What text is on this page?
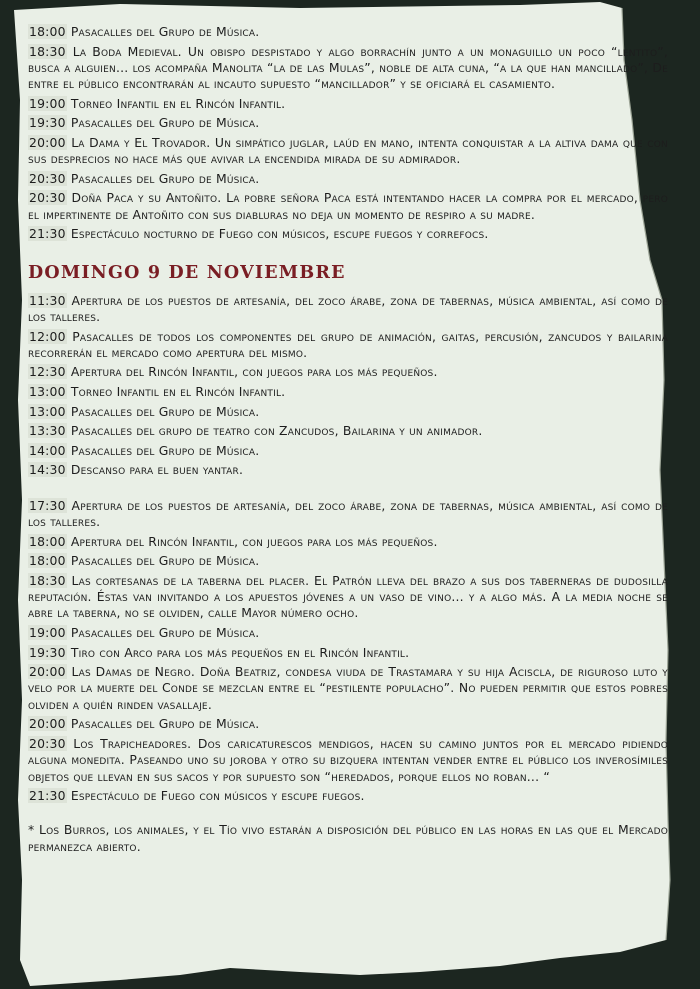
18:00 Pasacalles del Grupo de Música.
18:30 La Boda Medieval. Un obispo despistado y algo borrachín junto a un monaguillo un poco “lentito”, busca a alguien... los acompaña Manolita “la de las Mulas”, noble de alta cuna, “a la que han mancillado”, De entre el público encontrarán al incauto supuesto “mancillador” y se oficiará el casamiento.
19:00 Torneo Infantil en el Rincón Infantil.
19:30 Pasacalles del Grupo de Música.
20:00 La Dama y El Trovador. Un simpático juglar, laúd en mano, intenta conquistar a la altiva dama que con sus desprecios no hace más que avivar la encendida mirada de su admirador.
20:30 Pasacalles del Grupo de Música.
20:30 Doña Paca y su Antoñito. La pobre señora Paca está intentando hacer la compra por el mercado, pero el impertinente de Antoñito con sus diabluras no deja un momento de respiro a su madre.
21:30 Espectáculo nocturno de Fuego con músicos, escupe fuegos y correfocs.
DOMINGO 9 DE NOVIEMBRE
11:30 Apertura de los puestos de artesanía, del zoco árabe, zona de tabernas, música ambiental, así como de los talleres.
12:00 Pasacalles de todos los componentes del grupo de animación, gaitas, percusión, zancudos y bailarina recorrerán el mercado como apertura del mismo.
12:30 Apertura del Rincón Infantil, con juegos para los más pequeños.
13:00 Torneo Infantil en el Rincón Infantil.
13:00 Pasacalles del Grupo de Música.
13:30 Pasacalles del grupo de teatro con Zancudos, Bailarina y un animador.
14:00 Pasacalles del Grupo de Música.
14:30 Descanso para el buen yantar.
17:30 Apertura de los puestos de artesanía, del zoco árabe, zona de tabernas, música ambiental, así como de los talleres.
18:00 Apertura del Rincón Infantil, con juegos para los más pequeños.
18:00 Pasacalles del Grupo de Música.
18:30 Las cortesanas de la taberna del placer. El Patrón lleva del brazo a sus dos taberneras de dudosilla reputación. Éstas van invitando a los apuestos jóvenes a un vaso de vino... y a algo más. A la media noche se abre la taberna, no se olviden, calle Mayor número ocho.
19:00 Pasacalles del Grupo de Música.
19:30 Tiro con Arco para los más pequeños en el Rincón Infantil.
20:00 Las Damas de Negro. Doña Beatriz, condesa viuda de Trastamara y su hija Aciscla, de riguroso luto y velo por la muerte del Conde se mezclan entre el “pestilente populacho”. No pueden permitir que estos pobres olviden a quién rinden vasallaje.
20:00 Pasacalles del Grupo de Música.
20:30 Los Trapicheadores. Dos caricaturescos mendigos, hacen su camino juntos por el mercado pidiendo alguna monedita. Paseando uno su joroba y otro su bizquera intentan vender entre el público los inverosímiles objetos que llevan en sus sacos y por supuesto son “heredados, porque ellos no roban... “
21:30 Espectáculo de Fuego con músicos y escupe fuegos.
* Los Burros, los animales, y el Tío vivo estarán a disposición del público en las horas en las que el Mercado permanezca abierto.
